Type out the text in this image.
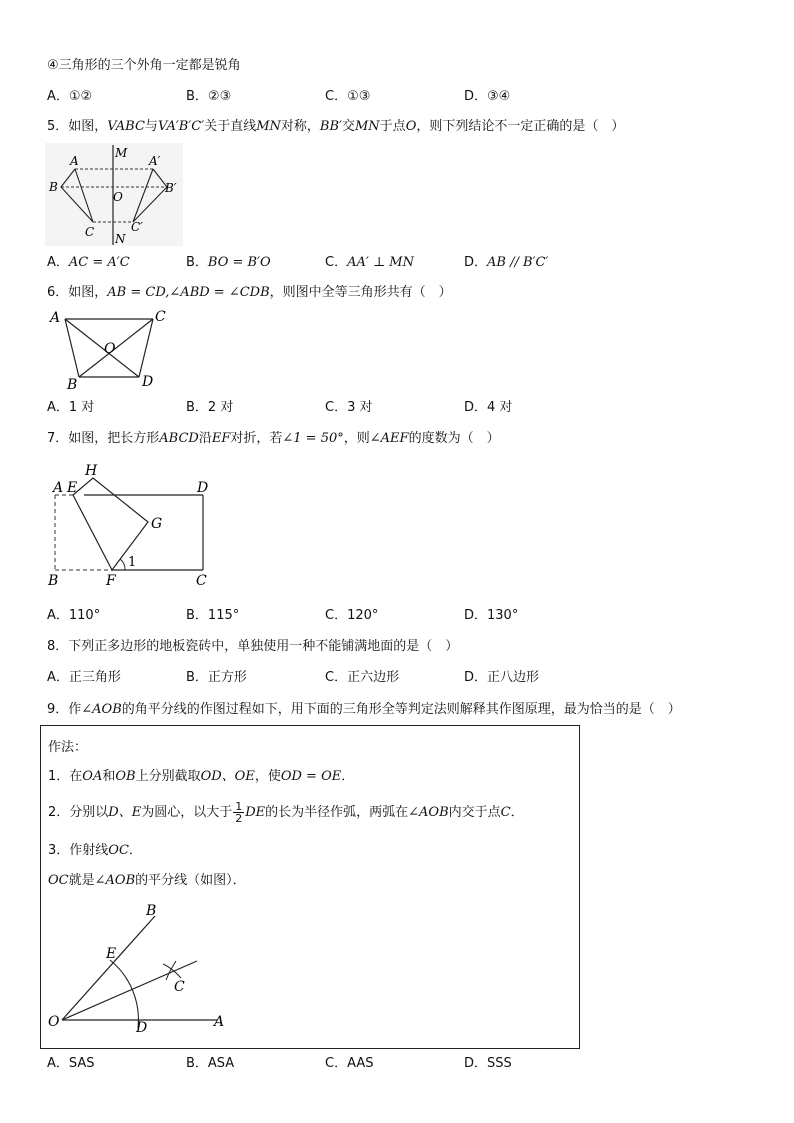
④三角形的三个外角一定都是锐角
A．①②	B．②③	C．①③	D．③④
5．如图，VABC与VA′B′C′关于直线MN对称，BB′交MN于点O，则下列结论不一定正确的是（　）
A	A′
B	B′
C	C′
M
N
O
A．AC = A′C	B．BO = B′O	C．AA′ ⊥ MN	D．AB // B′C′
6．如图，AB = CD,∠ABD = ∠CDB，则图中全等三角形共有（　）
A	C
O
B	D
A．1 对	B．2 对	C．3 对	D．4 对
7．如图，把长方形ABCD沿EF对折，若∠1 = 50°，则∠AEF的度数为（　）
H
A E	D
G
1
B	F	C
A．110°	B．115°	C．120°	D．130°
8．下列正多边形的地板瓷砖中，单独使用一种不能铺满地面的是（　）
A．正三角形	B．正方形	C．正六边形	D．正八边形
9．作∠AOB的角平分线的作图过程如下，用下面的三角形全等判定法则解释其作图原理，最为恰当的是（　）
作法：
1．在OA和OB上分别截取OD、OE，使OD = OE．
2．分别以D、E为圆心，以大于 $\frac{1}{2}$ DE的长为半径作弧，两弧在∠AOB内交于点C．
3．作射线OC．
OC就是∠AOB的平分线（如图）．
B
E
C
O	D	A
A．SAS	B．ASA	C．AAS	D．SSS
